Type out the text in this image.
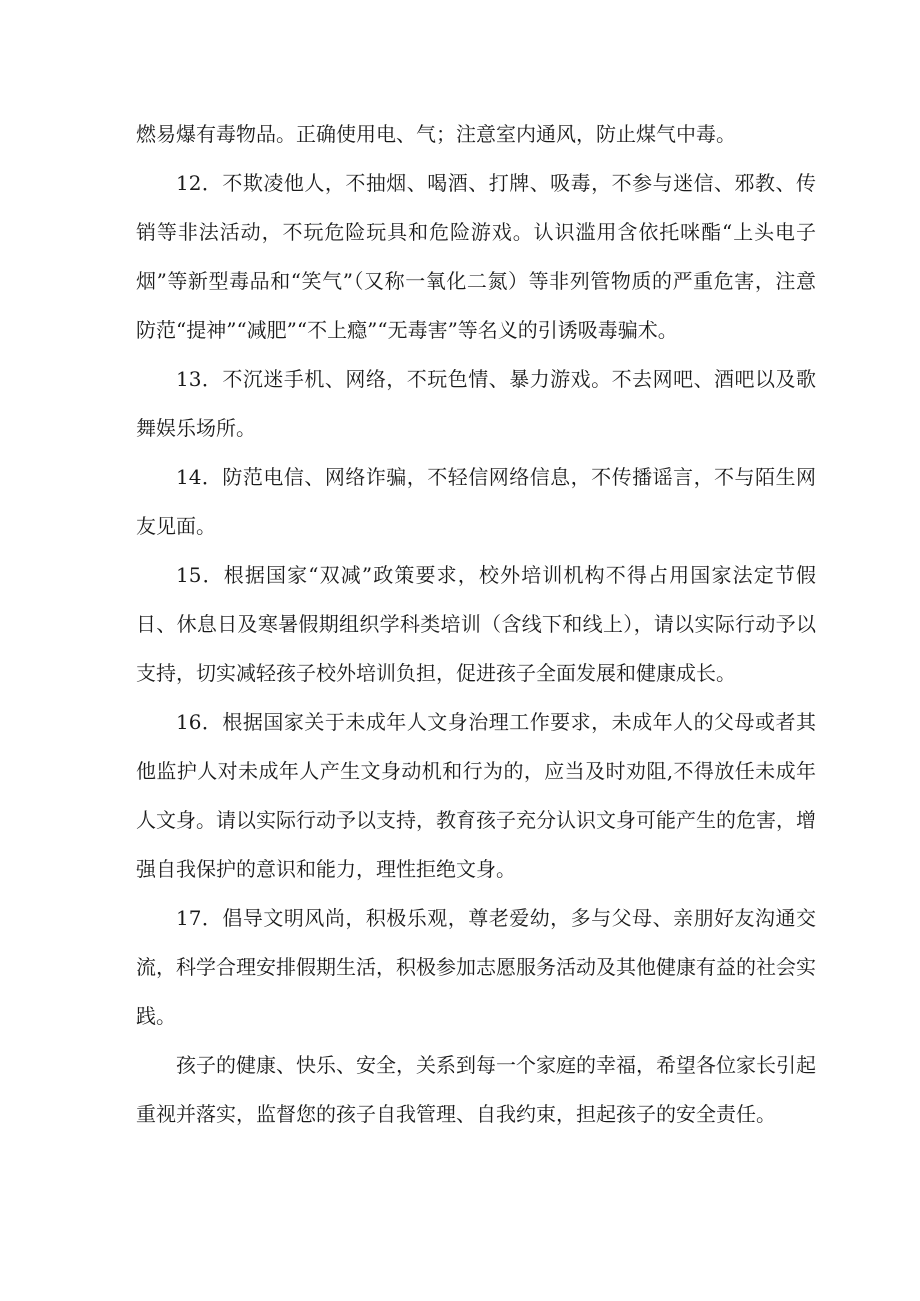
燃易爆有毒物品。正确使用电、气；注意室内通风，防止煤气中毒。

12．不欺凌他人，不抽烟、喝酒、打牌、吸毒，不参与迷信、邪教、传销等非法活动，不玩危险玩具和危险游戏。认识滥用含依托咪酯“上头电子烟”等新型毒品和“笑气”（又称一氧化二氮）等非列管物质的严重危害，注意防范“提神”“减肥”“不上瘾”“无毒害”等名义的引诱吸毒骗术。

13．不沉迷手机、网络，不玩色情、暴力游戏。不去网吧、酒吧以及歌舞娱乐场所。

14．防范电信、网络诈骗，不轻信网络信息，不传播谣言，不与陌生网友见面。

15．根据国家“双减”政策要求，校外培训机构不得占用国家法定节假日、休息日及寒暑假期组织学科类培训（含线下和线上），请以实际行动予以支持，切实减轻孩子校外培训负担，促进孩子全面发展和健康成长。

16．根据国家关于未成年人文身治理工作要求，未成年人的父母或者其他监护人对未成年人产生文身动机和行为的，应当及时劝阻,不得放任未成年人文身。请以实际行动予以支持，教育孩子充分认识文身可能产生的危害，增强自我保护的意识和能力，理性拒绝文身。

17．倡导文明风尚，积极乐观，尊老爱幼，多与父母、亲朋好友沟通交流，科学合理安排假期生活，积极参加志愿服务活动及其他健康有益的社会实践。

孩子的健康、快乐、安全，关系到每一个家庭的幸福，希望各位家长引起重视并落实，监督您的孩子自我管理、自我约束，担起孩子的安全责任。
